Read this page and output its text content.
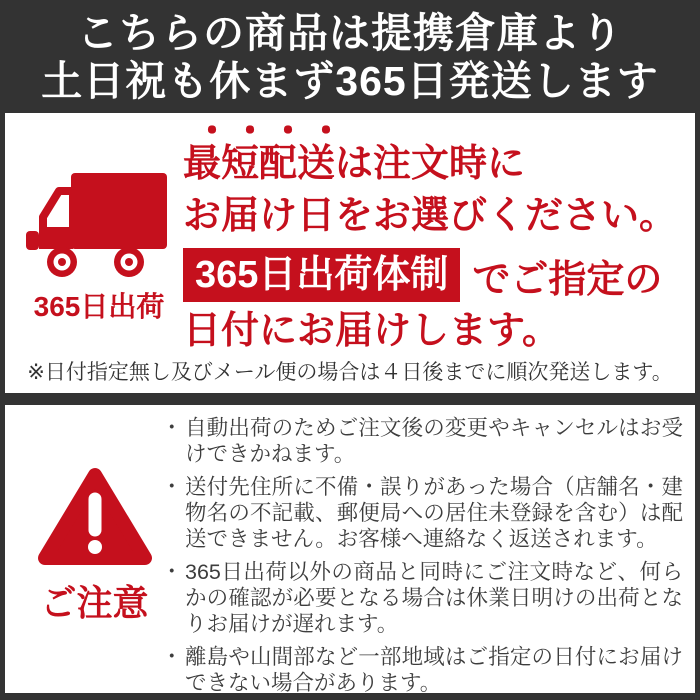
こちらの商品は提携倉庫より
土日祝も休まず365日発送します
365日出荷
・・・・
最短配送は注文時に
お届け日をお選びください。
365日出荷体制 でご指定の
日付にお届けします。
※日付指定無し及びメール便の場合は４日後までに順次発送します。
ご注意
・ 自動出荷のためご注文後の変更やキャンセルはお受けできかねます。
・ 送付先住所に不備・誤りがあった場合（店舗名・建物名の不記載、郵便局への居住未登録を含む）は配送できません。お客様へ連絡なく返送されます。
・ 365日出荷以外の商品と同時にご注文時など、何らかの確認が必要となる場合は休業日明けの出荷となりお届けが遅れます。
・ 離島や山間部など一部地域はご指定の日付にお届けできない場合があります。
